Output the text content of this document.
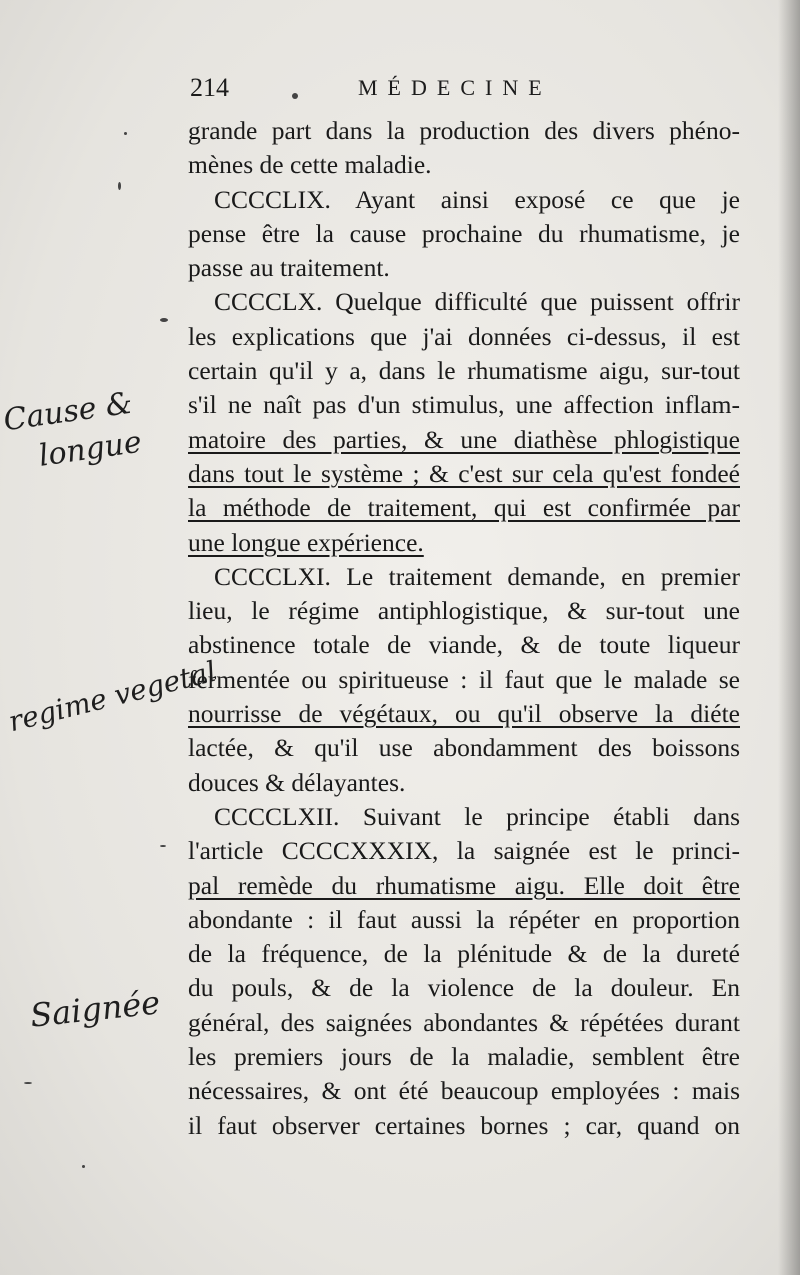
214	MÉDECINE
grande part dans la production des divers phéno-
mènes de cette maladie.
CCCCLIX. Ayant ainsi exposé ce que je
pense être la cause prochaine du rhumatisme, je
passe au traitement.
CCCCLX. Quelque difficulté que puissent offrir
les explications que j'ai données ci-dessus, il est
certain qu'il y a, dans le rhumatisme aigu, sur-tout
s'il ne naît pas d'un stimulus, une affection inflam-
matoire des parties, & une diathèse phlogistique
dans tout le système ; & c'est sur cela qu'est fondeé
la méthode de traitement, qui est confirmée par
une longue expérience.
CCCCLXI. Le traitement demande, en premier
lieu, le régime antiphlogistique, & sur-tout une
abstinence totale de viande, & de toute liqueur
fermentée ou spiritueuse : il faut que le malade se
nourrisse de végétaux, ou qu'il observe la diéte
lactée, & qu'il use abondamment des boissons
douces & délayantes.
CCCCLXII. Suivant le principe établi dans
l'article CCCCXXXIX, la saignée est le princi-
pal remède du rhumatisme aigu. Elle doit être
abondante : il faut aussi la répéter en proportion
de la fréquence, de la plénitude & de la dureté
du pouls, & de la violence de la douleur. En
général, des saignées abondantes & répétées durant
les premiers jours de la maladie, semblent être
nécessaires, & ont été beaucoup employées : mais
il faut observer certaines bornes ; car, quand on
Cause &
longue
regime vegetal
Saignée
